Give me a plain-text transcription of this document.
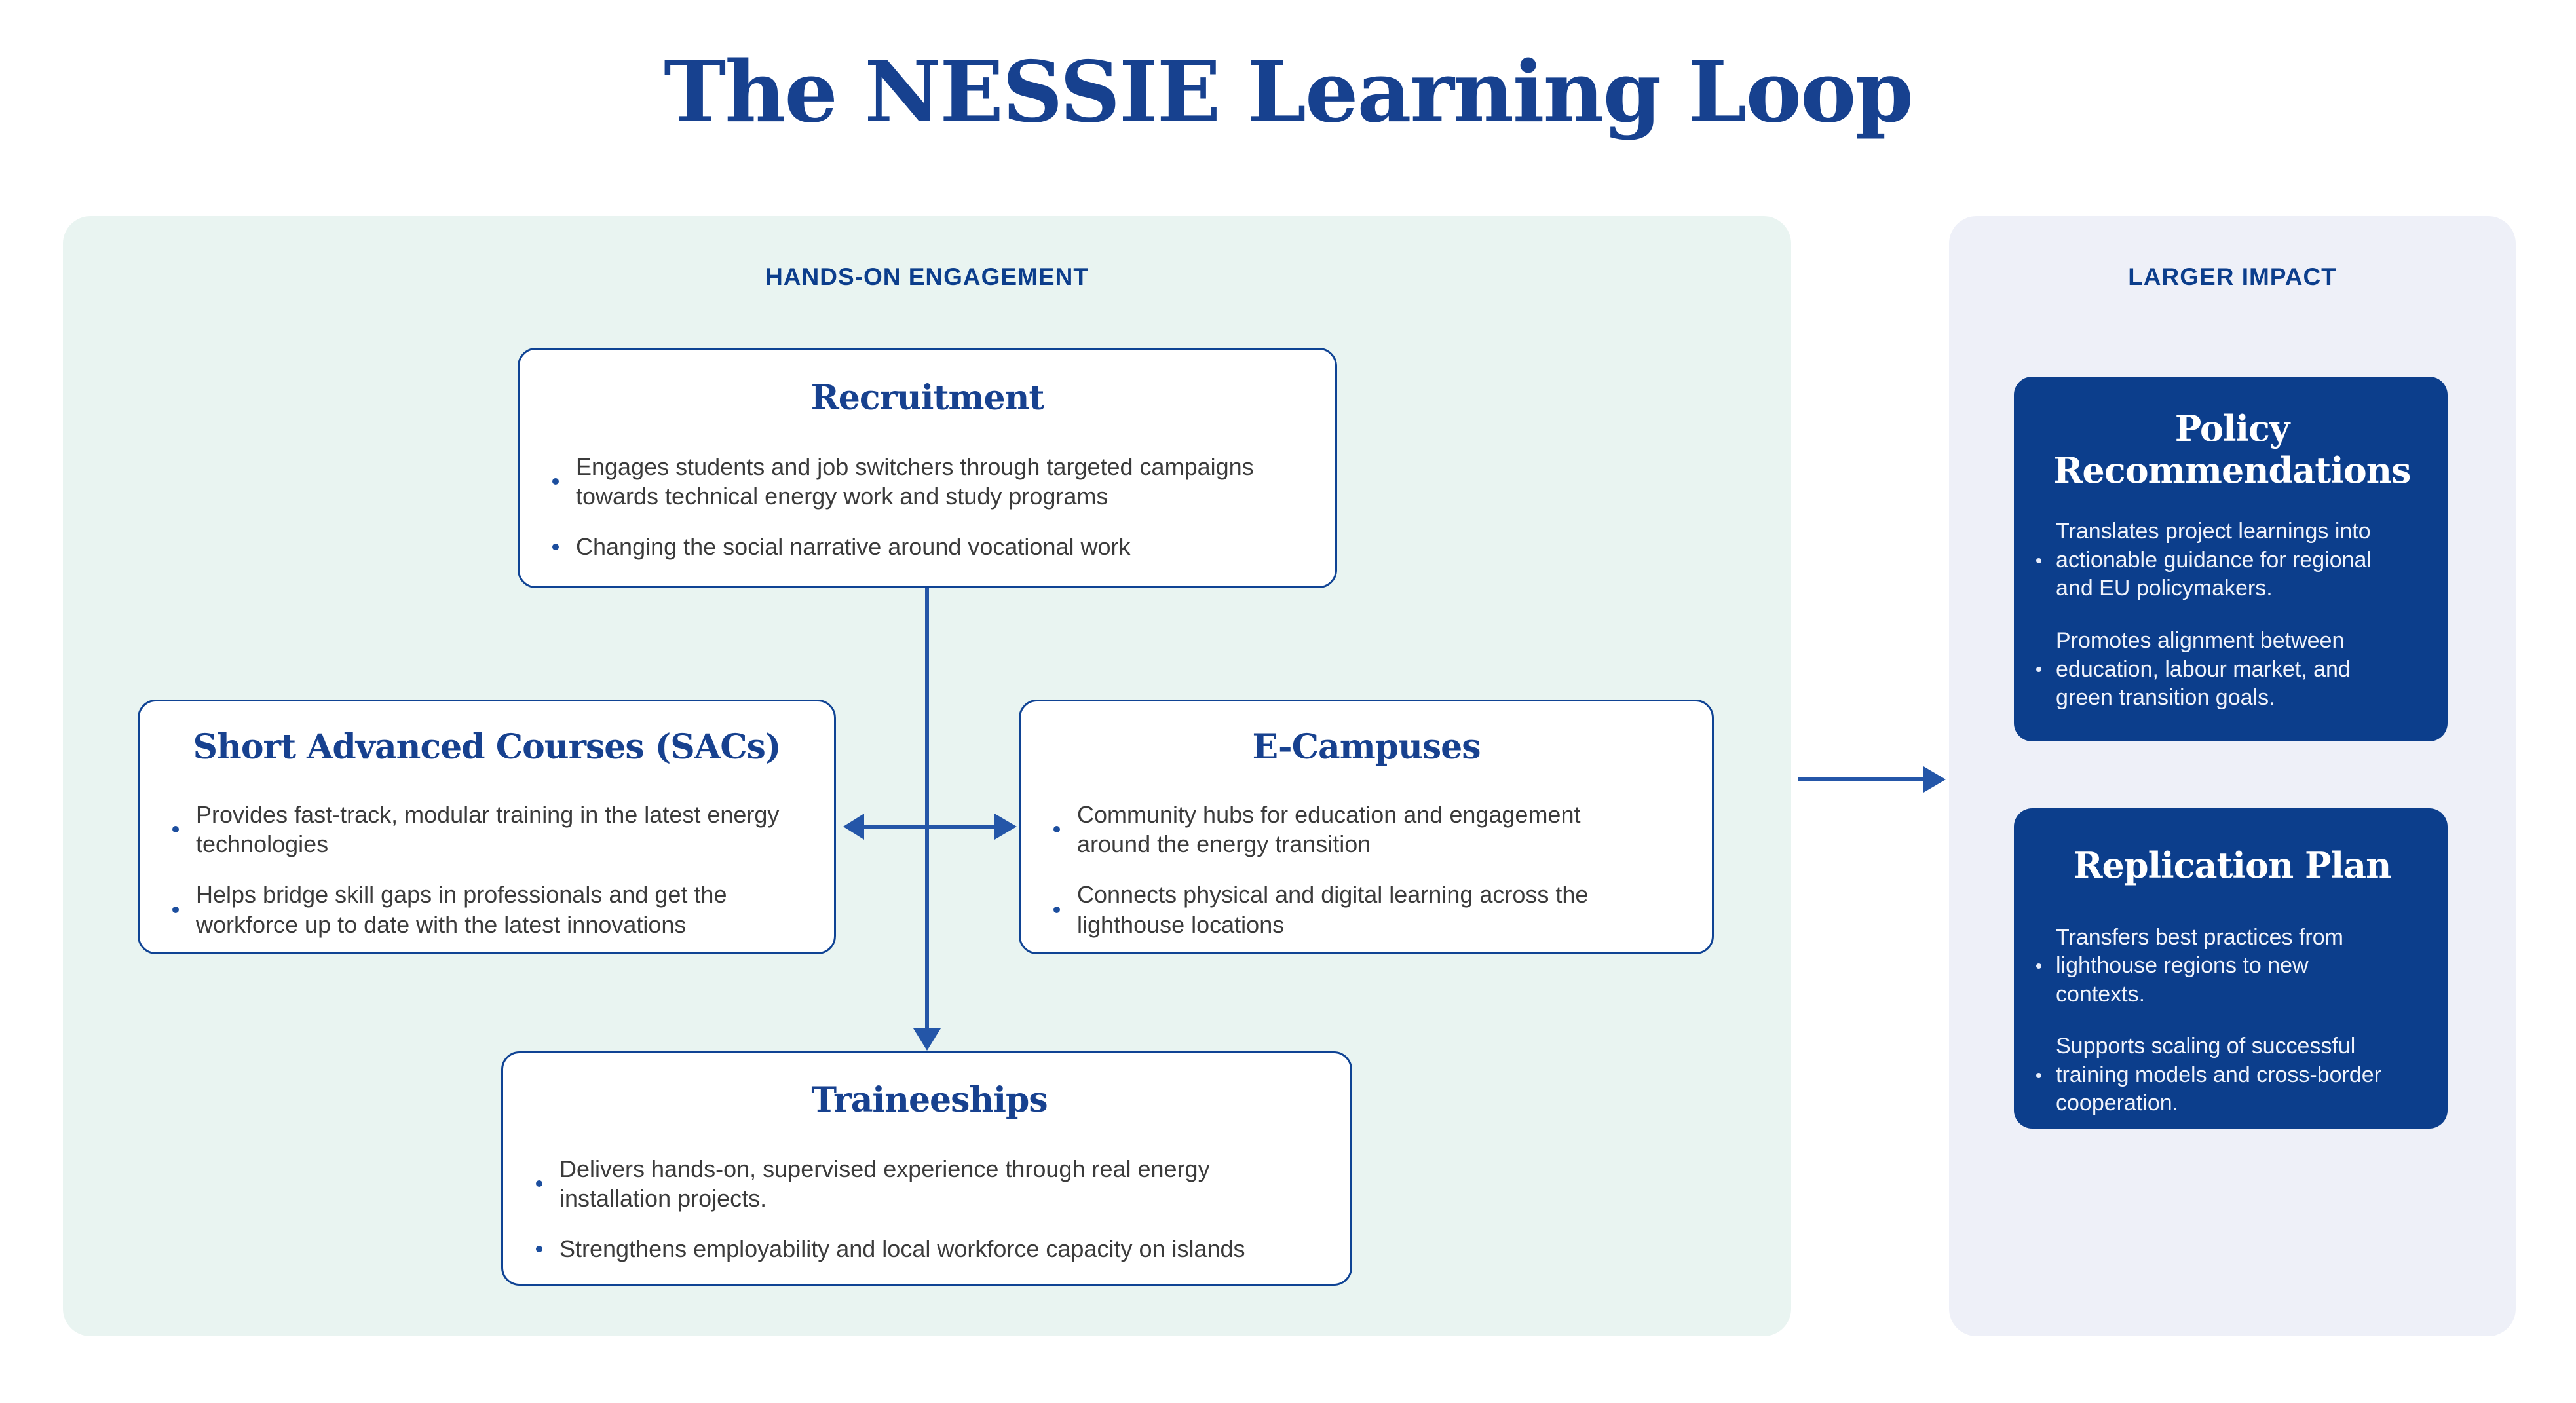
The NESSIE Learning Loop
HANDS-ON ENGAGEMENT
Recruitment
Engages students and job switchers through targeted campaigns towards technical energy work and study programs
Changing the social narrative around vocational work
Short Advanced Courses (SACs)
Provides fast-track, modular training in the latest energy technologies
Helps bridge skill gaps in professionals and get the workforce up to date with the latest innovations
E-Campuses
Community hubs for education and engagement around the energy transition
Connects physical and digital learning across the lighthouse locations
Traineeships
Delivers hands-on, supervised experience through real energy installation projects.
Strengthens employability and local workforce capacity on islands
LARGER IMPACT
Policy Recommendations
Translates project learnings into actionable guidance for regional and EU policymakers.
Promotes alignment between education, labour market, and green transition goals.
Replication Plan
Transfers best practices from lighthouse regions to new contexts.
Supports scaling of successful training models and cross-border cooperation.
